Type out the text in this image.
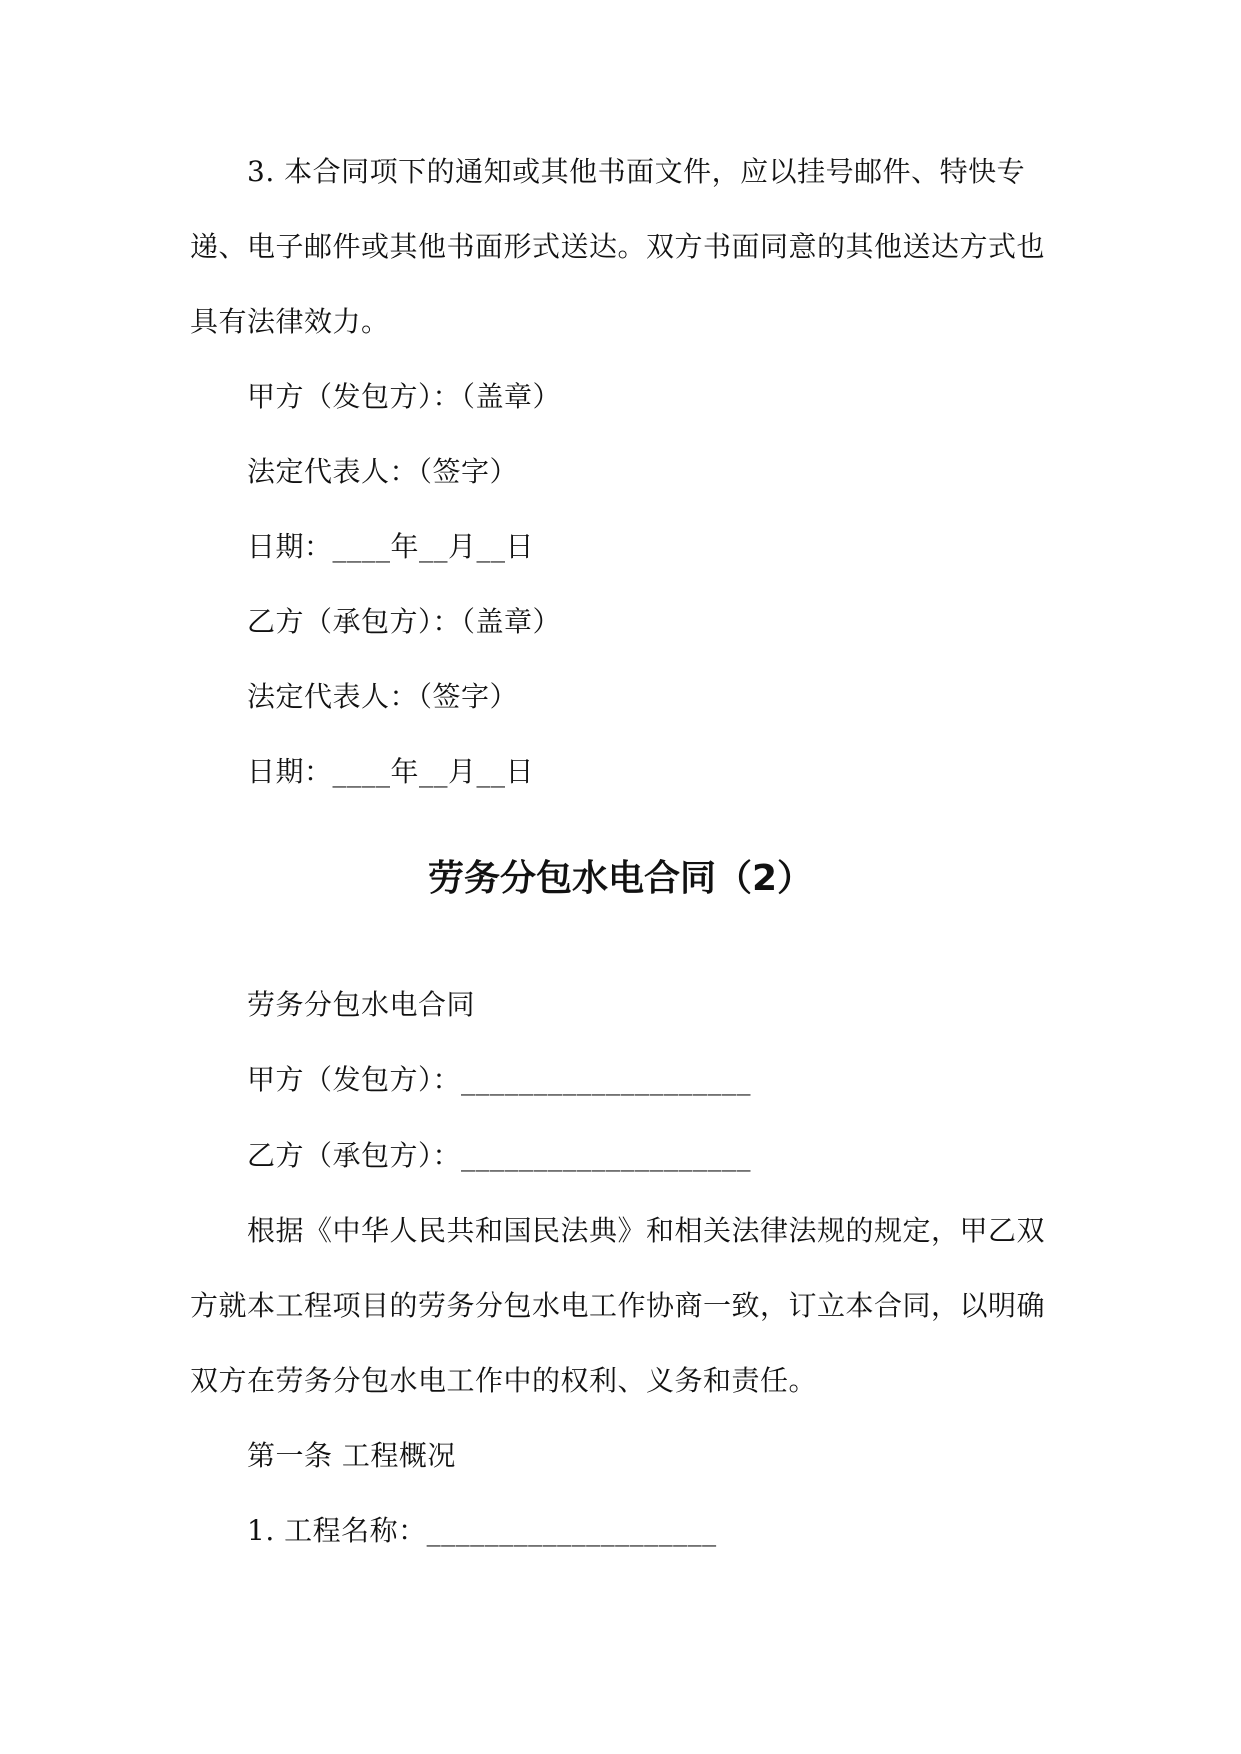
3. 本合同项下的通知或其他书面文件，应以挂号邮件、特快专
递、电子邮件或其他书面形式送达。双方书面同意的其他送达方式也
具有法律效力。
甲方（发包方）：（盖章）
法定代表人：（签字）
日期：____年__月__日
乙方（承包方）：（盖章）
法定代表人：（签字）
日期：____年__月__日
劳务分包水电合同（2）
劳务分包水电合同
甲方（发包方）：____________________
乙方（承包方）：____________________
根据《中华人民共和国民法典》和相关法律法规的规定，甲乙双
方就本工程项目的劳务分包水电工作协商一致，订立本合同，以明确
双方在劳务分包水电工作中的权利、义务和责任。
第一条 工程概况
1. 工程名称：____________________
